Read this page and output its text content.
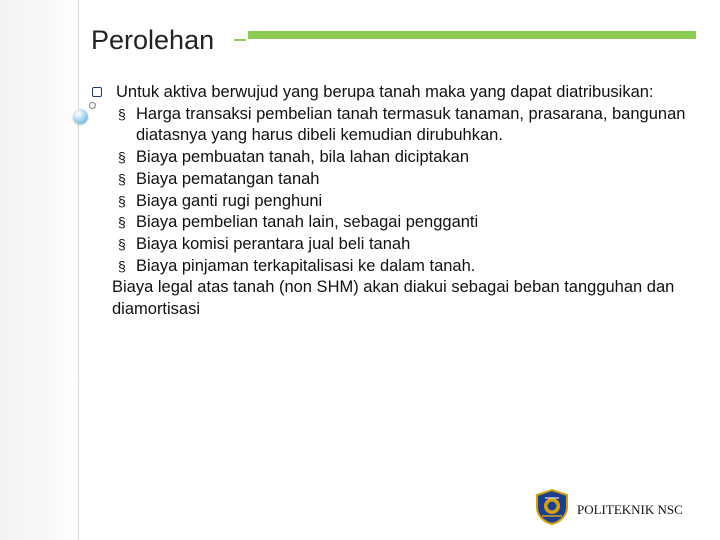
Perolehan
Untuk aktiva berwujud yang berupa tanah maka yang dapat diatribusikan:
§ Harga transaksi pembelian tanah termasuk tanaman, prasarana, bangunan diatasnya yang harus dibeli kemudian dirubuhkan.
§ Biaya pembuatan tanah, bila lahan diciptakan
§ Biaya pematangan tanah
§ Biaya ganti rugi penghuni
§ Biaya pembelian tanah lain, sebagai pengganti
§ Biaya komisi perantara jual beli tanah
§ Biaya pinjaman terkapitalisasi ke dalam tanah.
Biaya legal atas tanah (non SHM) akan diakui sebagai beban tangguhan dan diamortisasi
POLITEKNIK NSC
